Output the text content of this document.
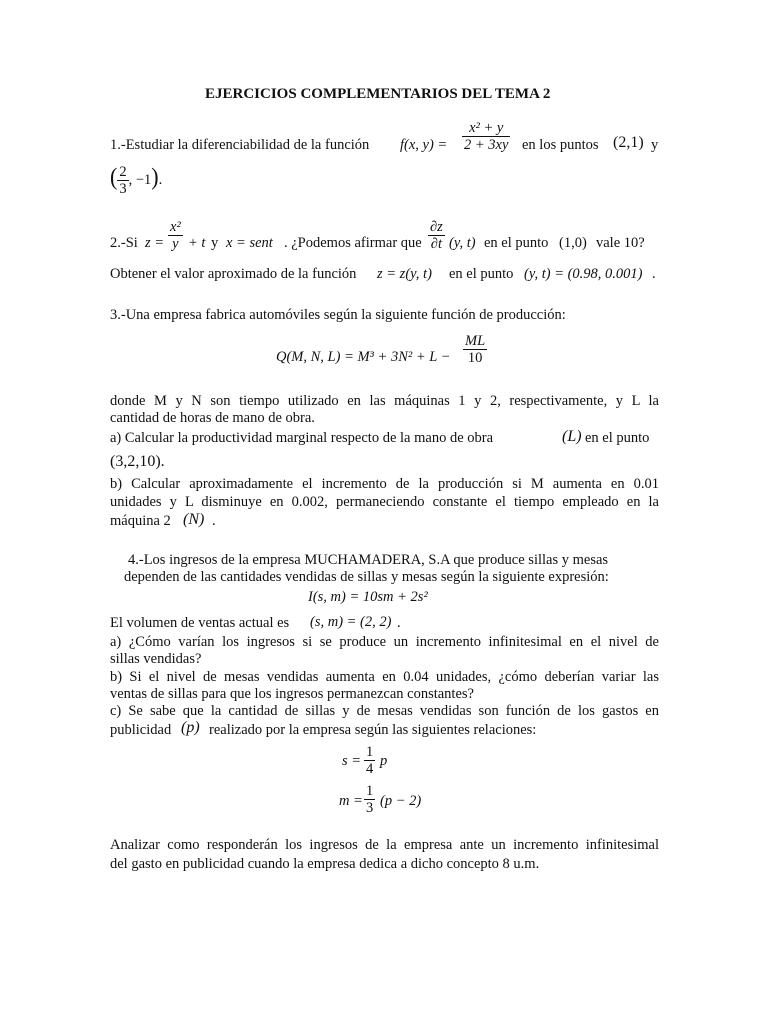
EJERCICIOS COMPLEMENTARIOS DEL TEMA 2
1.-Estudiar la diferenciabilidad de la función f(x, $y) = \frac{\text{x² + y}}{2 + 3xy}$ en los puntos (2,1) y
( $\frac{2}{3}$ , −1).
2.-Si $z = \frac{\text{x²}}{y} + t$ y x = sent . ¿Podemos afirmar que $\frac{\partial z}{\partial t} (y$, t) en el punto (1,0) vale 10?
Obtener el valor aproximado de la función z = z(y, t) en el punto (y, t) = (0.98, 0.001) .
3.-Una empresa fabrica automóviles según la siguiente función de producción:
Q(M, N, $L) = M^3 + 3N^2 + L - \frac{ML}{10}$
donde M y N son tiempo utilizado en las máquinas 1 y 2, respectivamente, y L la
cantidad de horas de mano de obra.
a) Calcular la productividad marginal respecto de la mano de obra	(L) en el punto
(3,2,10).
b) Calcular aproximadamente el incremento de la producción si M aumenta en 0.01
unidades y L disminuye en 0.002, permaneciendo constante el tiempo empleado en la
máquina 2 (N) .
4.-Los ingresos de la empresa MUCHAMADERA, S.A que produce sillas y mesas
dependen de las cantidades vendidas de sillas y mesas según la siguiente expresión:
I(s, m) = 10sm + 2s²
El volumen de ventas actual es (s, m) = (2, 2) .
a) ¿Cómo varían los ingresos si se produce un incremento infinitesimal en el nivel de
sillas vendidas?
b) Si el nivel de mesas vendidas aumenta en 0.04 unidades, ¿cómo deberían variar las
ventas de sillas para que los ingresos permanezcan constantes?
c) Se sabe que la cantidad de sillas y de mesas vendidas son función de los gastos en
publicidad (p) realizado por la empresa según las siguientes relaciones:
$s = \frac{1}{4}$ p
$m = \frac{1}{3} (p - 2)$
Analizar como responderán los ingresos de la empresa ante un incremento infinitesimal
del gasto en publicidad cuando la empresa dedica a dicho concepto 8 u.m.
